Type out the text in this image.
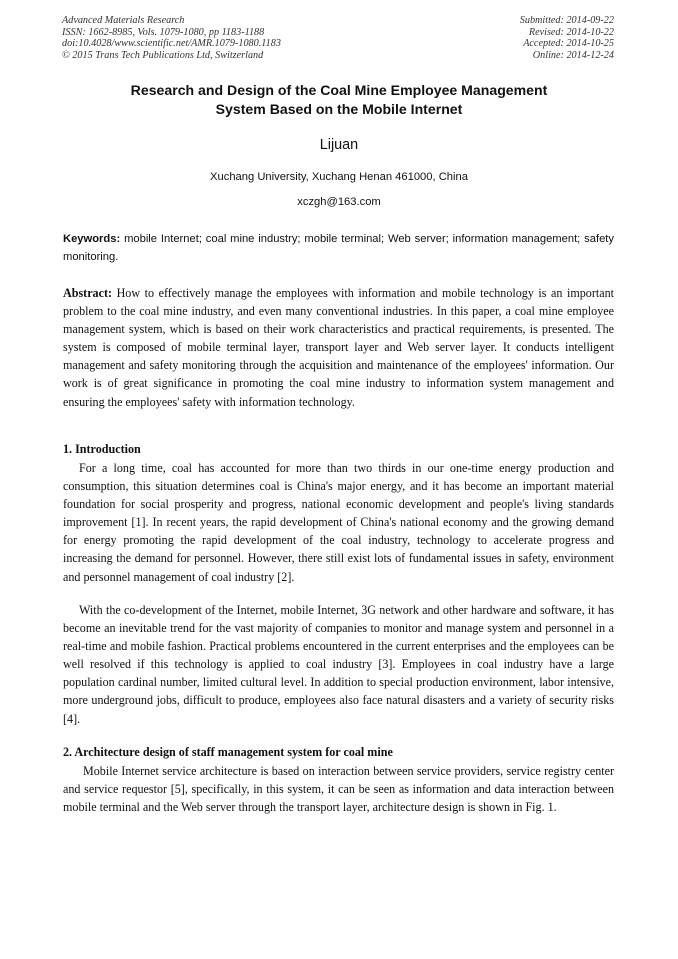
Advanced Materials Research
ISSN: 1662-8985, Vols. 1079-1080, pp 1183-1188
doi:10.4028/www.scientific.net/AMR.1079-1080.1183
© 2015 Trans Tech Publications Ltd, Switzerland
Submitted: 2014-09-22
Revised: 2014-10-22
Accepted: 2014-10-25
Online: 2014-12-24
Research and Design of the Coal Mine Employee Management
System Based on the Mobile Internet
Lijuan
Xuchang University, Xuchang Henan 461000, China
xczgh@163.com
Keywords: mobile Internet; coal mine industry; mobile terminal; Web server; information management; safety monitoring.
Abstract: How to effectively manage the employees with information and mobile technology is an important problem to the coal mine industry, and even many conventional industries. In this paper, a coal mine employee management system, which is based on their work characteristics and practical requirements, is presented. The system is composed of mobile terminal layer, transport layer and Web server layer. It conducts intelligent management and safety monitoring through the acquisition and maintenance of the employees' information. Our work is of great significance in promoting the coal mine industry to information system management and ensuring the employees' safety with information technology.
1. Introduction
For a long time, coal has accounted for more than two thirds in our one-time energy production and consumption, this situation determines coal is China's major energy, and it has become an important material foundation for social prosperity and progress, national economic development and people's living standards improvement [1]. In recent years, the rapid development of China's national economy and the growing demand for energy promoting the rapid development of the coal industry, technology to accelerate progress and increasing the demand for personnel. However, there still exist lots of fundamental issues in safety, environment and personnel management of coal industry [2].
With the co-development of the Internet, mobile Internet, 3G network and other hardware and software, it has become an inevitable trend for the vast majority of companies to monitor and manage system and personnel in a real-time and mobile fashion. Practical problems encountered in the current enterprises and the employees can be well resolved if this technology is applied to coal industry [3]. Employees in coal industry have a large population cardinal number, limited cultural level. In addition to special production environment, labor intensive, more underground jobs, difficult to produce, employees also face natural disasters and a variety of security risks [4].
2. Architecture design of staff management system for coal mine
Mobile Internet service architecture is based on interaction between service providers, service registry center and service requestor [5], specifically, in this system, it can be seen as information and data interaction between mobile terminal and the Web server through the transport layer, architecture design is shown in Fig. 1.
